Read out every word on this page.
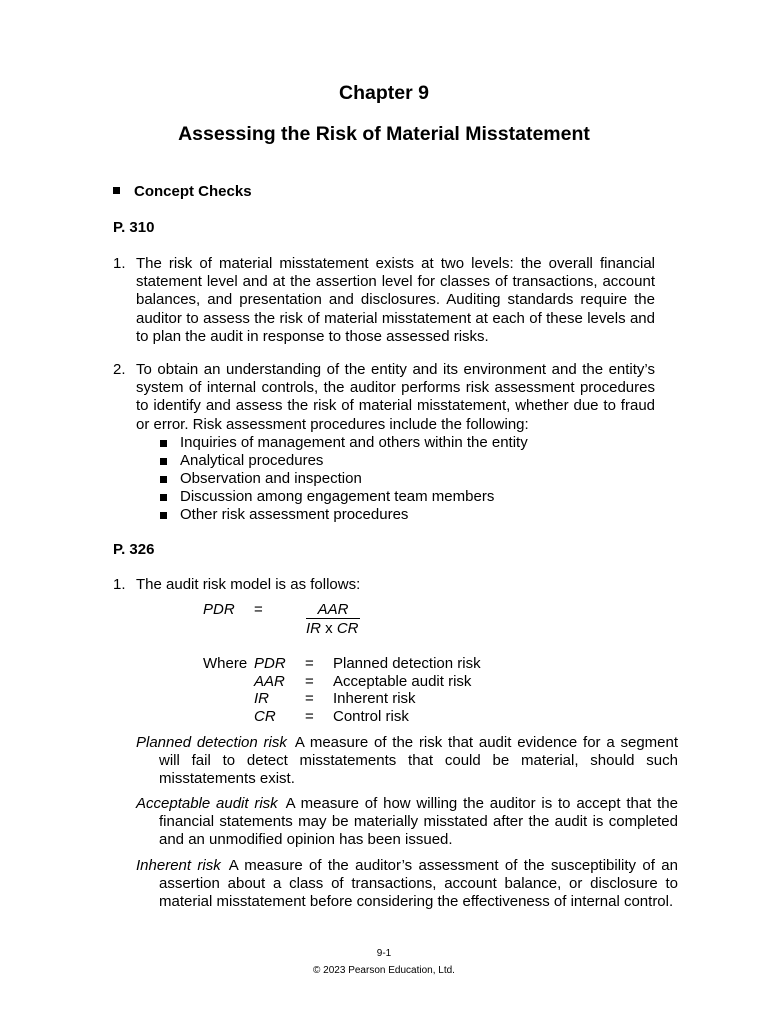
Chapter 9
Assessing the Risk of Material Misstatement
Concept Checks
P. 310
1. The risk of material misstatement exists at two levels: the overall financial statement level and at the assertion level for classes of transactions, account balances, and presentation and disclosures. Auditing standards require the auditor to assess the risk of material misstatement at each of these levels and to plan the audit in response to those assessed risks.
2. To obtain an understanding of the entity and its environment and the entity’s system of internal controls, the auditor performs risk assessment procedures to identify and assess the risk of material misstatement, whether due to fraud or error. Risk assessment procedures include the following:
Inquiries of management and others within the entity
Analytical procedures
Observation and inspection
Discussion among engagement team members
Other risk assessment procedures
P. 326
1. The audit risk model is as follows:
PDR =	AAR
IR x CR
Where PDR = Planned detection risk
AAR = Acceptable audit risk
IR = Inherent risk
CR = Control risk
Planned detection risk A measure of the risk that audit evidence for a segment will fail to detect misstatements that could be material, should such misstatements exist.
Acceptable audit risk A measure of how willing the auditor is to accept that the financial statements may be materially misstated after the audit is completed and an unmodified opinion has been issued.
Inherent risk A measure of the auditor’s assessment of the susceptibility of an assertion about a class of transactions, account balance, or disclosure to material misstatement before considering the effectiveness of internal control.
9-1
© 2023 Pearson Education, Ltd.
